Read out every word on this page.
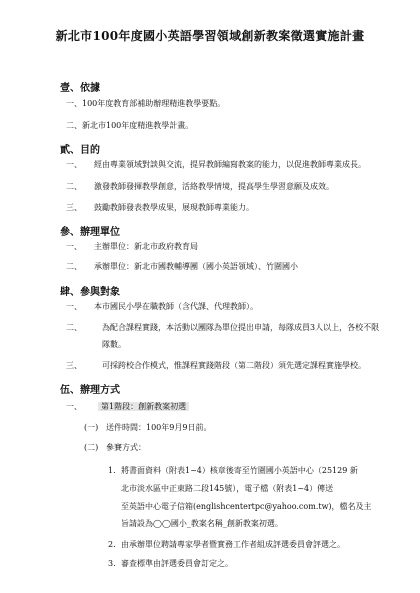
新北市100年度國小英語學習領域創新教案徵選實施計畫
壹、依據
一、100年度教育部補助辦理精進教學要點。
二、新北市100年度精進教學計畫。
貳、目的
一、 經由專業領域對談與交流，提昇教師編寫教案的能力，以促進教師專業成長。
二、 激發教師發揮教學創意，活絡教學情境，提高學生學習意願及成效。
三、 鼓勵教師發表教學成果，展現教師專業能力。
參、辦理單位
一、 主辦單位：新北市政府教育局
二、 承辦單位：新北市國教輔導團（國小英語領域）、竹圍國小
肆、參與對象
一、 本市國民小學在職教師（含代課、代理教師）。
二、	為配合課程實踐，本活動以團隊為單位提出申請，每隊成員3人以上，各校不限
隊數。
三、	可採跨校合作模式，惟課程實踐階段（第二階段）須先選定課程實施學校。
伍、辦理方式
一、	第1階段：創新教案初選
(一) 送件時間：100年9月9日前。
(二) 參賽方式：
1. 將書面資料（附表1~4）核章後寄至竹圍國小英語中心（25129 新
北市淡水區中正東路二段145號），電子檔（附表1~4）傳送
至英語中心電子信箱(englishcentertpc@yahoo.com.tw)，檔名及主
旨請設為◯◯國小_教案名稱_創新教案初選。
2. 由承辦單位聘請專家學者暨實務工作者組成評選委員會評選之。
3. 審查標準由評選委員會訂定之。
